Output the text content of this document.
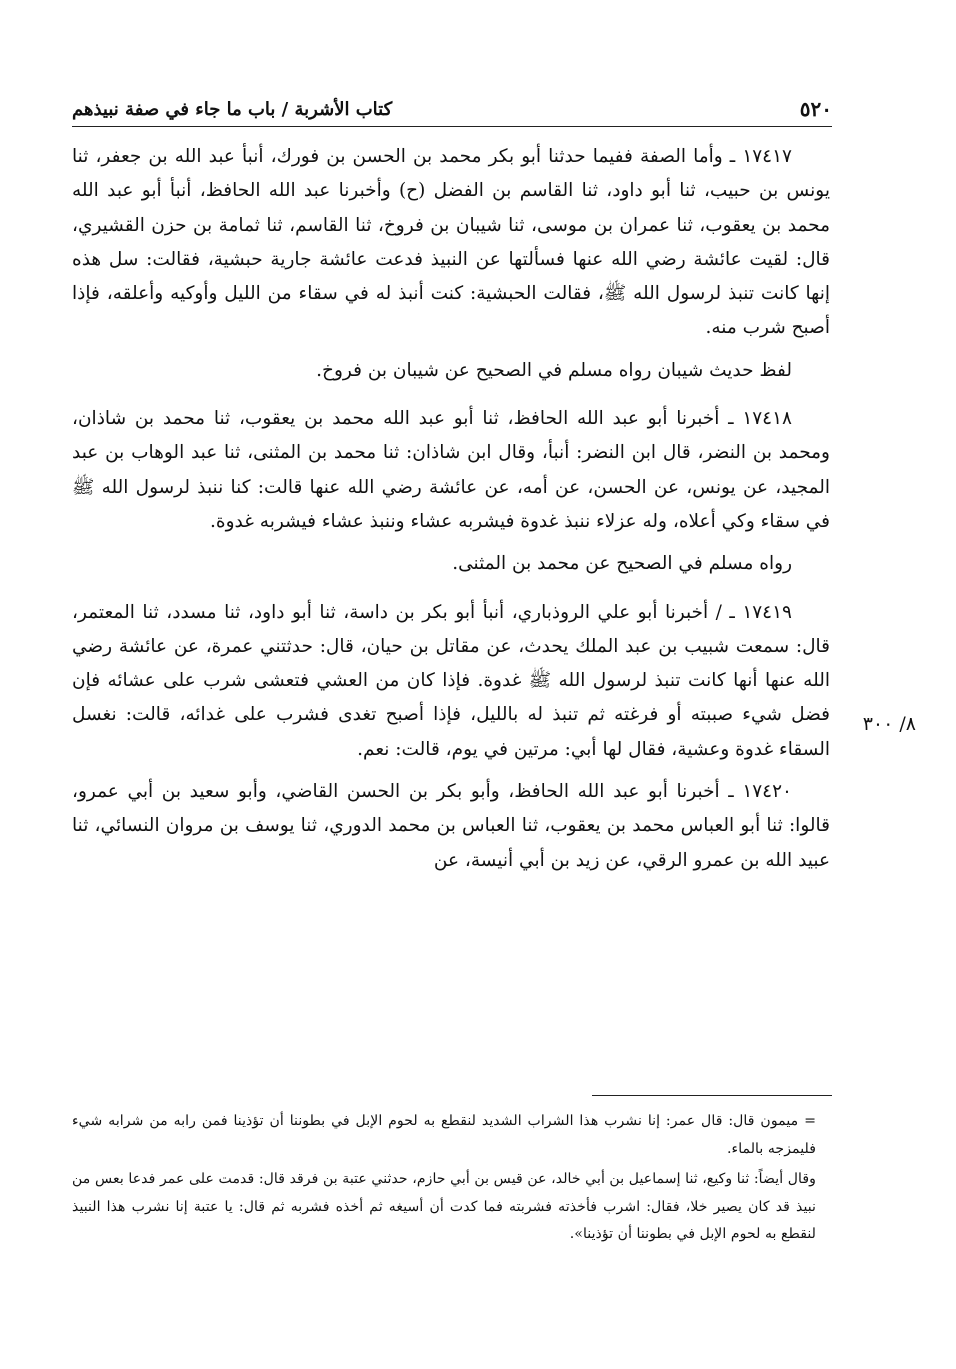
٥٢٠
كتاب الأشربة / باب ما جاء في صفة نبيذهم
٨/ ٣٠٠

١٧٤١٧ ـ وأما الصفة ففيما حدثنا أبو بكر محمد بن الحسن بن فورك، أنبأ عبد الله بن جعفر، ثنا يونس بن حبيب، ثنا أبو داود، ثنا القاسم بن الفضل (ح) وأخبرنا عبد الله الحافظ، أنبأ أبو عبد الله محمد بن يعقوب، ثنا عمران بن موسى، ثنا شيبان بن فروخ، ثنا القاسم، ثنا ثمامة بن حزن القشيري، قال: لقيت عائشة رضي الله عنها فسألتها عن النبيذ فدعت عائشة جارية حبشية، فقالت: سل هذه إنها كانت تنبذ لرسول الله ﷺ، فقالت الحبشية: كنت أنبذ له في سقاء من الليل وأوكيه وأعلقه، فإذا أصبح شرب منه.

لفظ حديث شيبان رواه مسلم في الصحيح عن شيبان بن فروخ.

١٧٤١٨ ـ أخبرنا أبو عبد الله الحافظ، ثنا أبو عبد الله محمد بن يعقوب، ثنا محمد بن شاذان، ومحمد بن النضر، قال ابن النضر: أنبأ، وقال ابن شاذان: ثنا محمد بن المثنى، ثنا عبد الوهاب بن عبد المجيد، عن يونس، عن الحسن، عن أمه، عن عائشة رضي الله عنها قالت: كنا ننبذ لرسول الله ﷺ في سقاء وكي أعلاه، وله عزلاء ننبذ غدوة فيشربه عشاء وننبذ عشاء فيشربه غدوة.

رواه مسلم في الصحيح عن محمد بن المثنى.

١٧٤١٩ ـ / أخبرنا أبو علي الروذباري، أنبأ أبو بكر بن داسة، ثنا أبو داود، ثنا مسدد، ثنا المعتمر، قال: سمعت شبيب بن عبد الملك يحدث، عن مقاتل بن حيان، قال: حدثتني عمرة، عن عائشة رضي الله عنها أنها كانت تنبذ لرسول الله ﷺ غدوة. فإذا كان من العشي فتعشى شرب على عشائه فإن فضل شيء صببته أو فرغته ثم تنبذ له بالليل، فإذا أصبح تغدى فشرب على غدائه، قالت: نغسل السقاء غدوة وعشية، فقال لها أبي: مرتين في يوم، قالت: نعم.

١٧٤٢٠ ـ أخبرنا أبو عبد الله الحافظ، وأبو بكر بن الحسن القاضي، وأبو سعيد بن أبي عمرو، قالوا: ثنا أبو العباس محمد بن يعقوب، ثنا العباس بن محمد الدوري، ثنا يوسف بن مروان النسائي، ثنا عبيد الله بن عمرو الرقي، عن زيد بن أبي أنيسة، عن

= ميمون قال: قال عمر: إنا نشرب هذا الشراب الشديد لنقطع به لحوم الإبل في بطوننا أن تؤذينا فمن رابه من شرابه شيء فليمزجه بالماء.

وقال أيضاً: ثنا وكيع، ثنا إسماعيل بن أبي خالد، عن قيس بن أبي حازم، حدثني عتبة بن فرقد قال: قدمت على عمر فدعا بعس من نبيذ قد كان يصير خلا، فقال: اشرب فأخذته فشربته فما كدت أن أسيغه ثم أخذه فشربه ثم قال: يا عتبة إنا نشرب هذا النبيذ لنقطع به لحوم الإبل في بطوننا أن تؤذينا».
